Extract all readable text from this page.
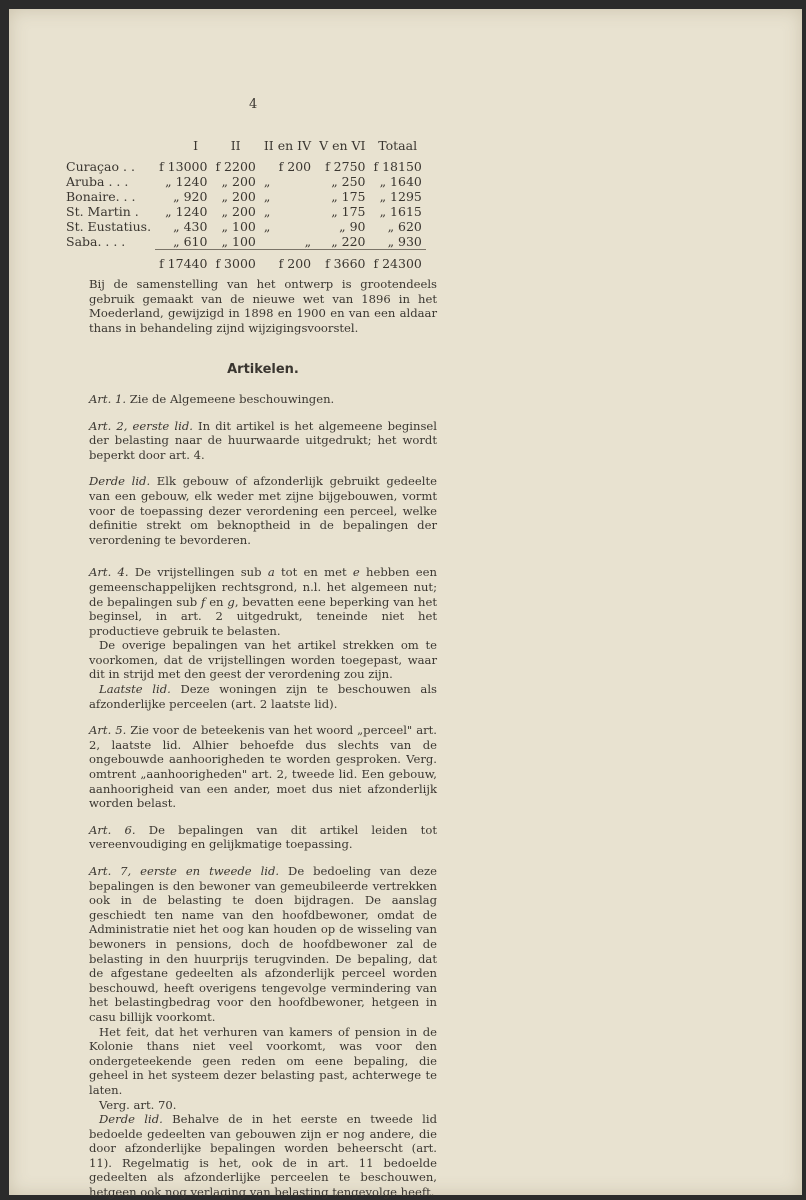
4
	I	II	II en IV	V en VI	Totaal
Curaçao . .	f 13000	f 2200	f 200	f 2750	f 18150
Aruba . . .	„ 1240	„ 200	„	„ 250	„ 1640
Bonaire. . .	„ 920	„ 200	„	„ 175	„ 1295
St. Martin .	„ 1240	„ 200	„	„ 175	„ 1615
St. Eustatius.	„ 430	„ 100	„	„ 90	„ 620
Saba. . . .	„ 610	„ 100	„	„ 220	„ 930
	f 17440	f 3000	f 200	f 3660	f 24300

Bij de samenstelling van het ontwerp is grootendeels gebruik gemaakt van de nieuwe wet van 1896 in het Moederland, gewijzigd in 1898 en 1900 en van een aldaar thans in behandeling zijnd wijzigingsvoorstel.

Artikelen.

Art. 1. Zie de Algemeene beschouwingen.

Art. 2, eerste lid. In dit artikel is het algemeene beginsel der belasting naar de huurwaarde uitgedrukt; het wordt beperkt door art. 4.

Derde lid. Elk gebouw of afzonderlijk gebruikt gedeelte van een gebouw, elk weder met zijne bijgebouwen, vormt voor de toepassing dezer verordening een perceel, welke definitie strekt om beknoptheid in de bepalingen der verordening te bevorderen.

Art. 4. De vrijstellingen sub a tot en met e hebben een gemeenschappelijken rechtsgrond, n.l. het algemeen nut; de bepalingen sub f en g, bevatten eene beperking van het beginsel, in art. 2 uitgedrukt, teneinde niet het productieve gebruik te belasten.

De overige bepalingen van het artikel strekken om te voorkomen, dat de vrijstellingen worden toegepast, waar dit in strijd met den geest der verordening zou zijn.

Laatste lid. Deze woningen zijn te beschouwen als afzonderlijke perceelen (art. 2 laatste lid).

Art. 5. Zie voor de beteekenis van het woord „perceel" art. 2, laatste lid. Alhier behoefde dus slechts van de ongebouwde aanhoorigheden te worden gesproken. Verg. omtrent „aanhoorigheden" art. 2, tweede lid. Een gebouw, aanhoorigheid van een ander, moet dus niet afzonderlijk worden belast.

Art. 6. De bepalingen van dit artikel leiden tot vereenvoudiging en gelijkmatige toepassing.

Art. 7, eerste en tweede lid. De bedoeling van deze bepalingen is den bewoner van gemeubileerde vertrekken ook in de belasting te doen bijdragen. De aanslag geschiedt ten name van den hoofdbewoner, omdat de Administratie niet het oog kan houden op de wisseling van bewoners in pensions, doch de hoofdbewoner zal de belasting in den huurprijs terugvinden. De bepaling, dat de afgestane gedeelten als afzonderlijk perceel worden beschouwd, heeft overigens tengevolge vermindering van het belastingbedrag voor den hoofdbewoner, hetgeen in casu billijk voorkomt.

Het feit, dat het verhuren van kamers of pension in de Kolonie thans niet veel voorkomt, was voor den ondergeteekende geen reden om eene bepaling, die geheel in het systeem dezer belasting past, achterwege te laten.

Verg. art. 70.

Derde lid. Behalve de in het eerste en tweede lid bedoelde gedeelten van gebouwen zijn er nog andere, die door afzonderlijke bepalingen worden beheerscht (art. 11). Regelmatig is het, ook de in art. 11 bedoelde gedeelten als afzonderlijke perceelen te beschouwen, hetgeen ook nog verlaging van belasting tengevolge heeft.
